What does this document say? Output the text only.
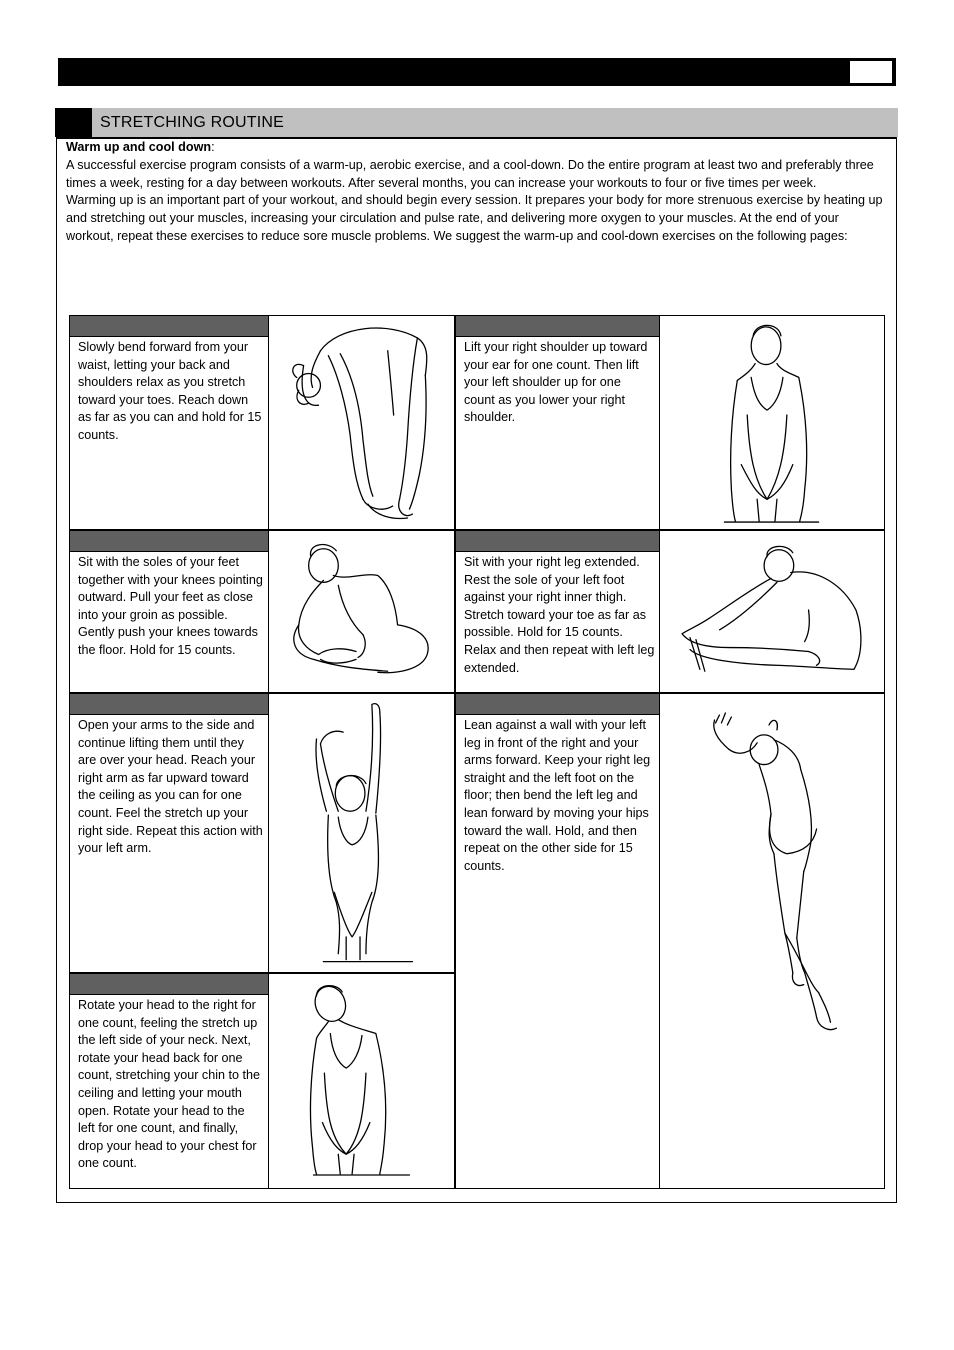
STRETCHING ROUTINE

Warm up and cool down:

A successful exercise program consists of a warm-up, aerobic exercise, and a cool-down. Do the entire program at least two and preferably three times a week, resting for a day between workouts. After several months, you can increase your workouts to four or five times per week.

Warming up is an important part of your workout, and should begin every session. It prepares your body for more strenuous exercise by heating up and stretching out your muscles, increasing your circulation and pulse rate, and delivering more oxygen to your muscles. At the end of your workout, repeat these exercises to reduce sore muscle problems. We suggest the warm-up and cool-down exercises on the following pages:

Slowly bend forward from your waist, letting your back and shoulders relax as you stretch toward your toes. Reach down as far as you can and hold for 15 counts.
Lift your right shoulder up toward your ear for one count. Then lift your left shoulder up for one count as you lower your right shoulder.
Sit with the soles of your feet together with your knees pointing outward. Pull your feet as close into your groin as possible. Gently push your knees towards the floor. Hold for 15 counts.
Sit with your right leg extended. Rest the sole of your left foot against your right inner thigh. Stretch toward your toe as far as possible. Hold for 15 counts. Relax and then repeat with left leg extended.
Open your arms to the side and continue lifting them until they are over your head. Reach your right arm as far upward toward the ceiling as you can for one count. Feel the stretch up your right side. Repeat this action with your left arm.
Lean against a wall with your left leg in front of the right and your arms forward. Keep your right leg straight and the left foot on the floor; then bend the left leg and lean forward by moving your hips toward the wall. Hold, and then repeat on the other side for 15 counts.
Rotate your head to the right for one count, feeling the stretch up the left side of your neck. Next, rotate your head back for one count, stretching your chin to the ceiling and letting your mouth open. Rotate your head to the left for one count, and finally, drop your head to your chest for one count.
